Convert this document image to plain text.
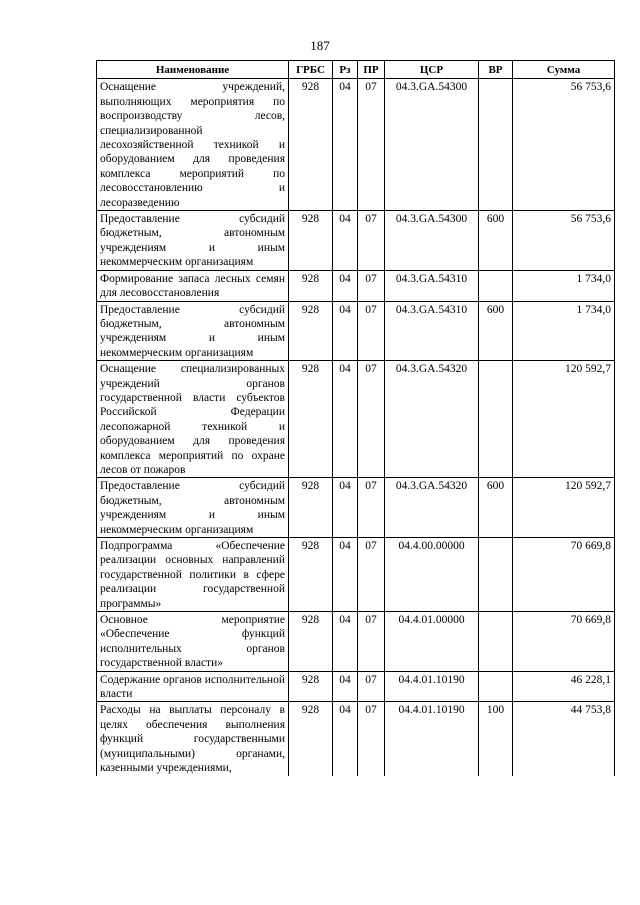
187
Наименование	ГРБС	Рз	ПР	ЦСР	ВР	Сумма
Оснащение учреждений, выполняющих мероприятия по воспроизводству лесов, специализированной лесохозяйственной техникой и оборудованием для проведения комплекса мероприятий по лесовосстановлению и лесоразведению	928	04	07	04.3.GA.54300		56 753,6
Предоставление субсидий бюджетным, автономным учреждениям и иным некоммерческим организациям	928	04	07	04.3.GA.54300	600	56 753,6
Формирование запаса лесных семян для лесовосстановления	928	04	07	04.3.GA.54310		1 734,0
Предоставление субсидий бюджетным, автономным учреждениям и иным некоммерческим организациям	928	04	07	04.3.GA.54310	600	1 734,0
Оснащение специализированных учреждений органов государственной власти субъектов Российской Федерации лесопожарной техникой и оборудованием для проведения комплекса мероприятий по охране лесов от пожаров	928	04	07	04.3.GA.54320		120 592,7
Предоставление субсидий бюджетным, автономным учреждениям и иным некоммерческим организациям	928	04	07	04.3.GA.54320	600	120 592,7
Подпрограмма «Обеспечение реализации основных направлений государственной политики в сфере реализации государственной программы»	928	04	07	04.4.00.00000		70 669,8
Основное мероприятие «Обеспечение функций исполнительных органов государственной власти»	928	04	07	04.4.01.00000		70 669,8
Содержание органов исполнительной власти	928	04	07	04.4.01.10190		46 228,1
Расходы на выплаты персоналу в целях обеспечения выполнения функций государственными (муниципальными) органами, казенными учреждениями,	928	04	07	04.4.01.10190	100	44 753,8
